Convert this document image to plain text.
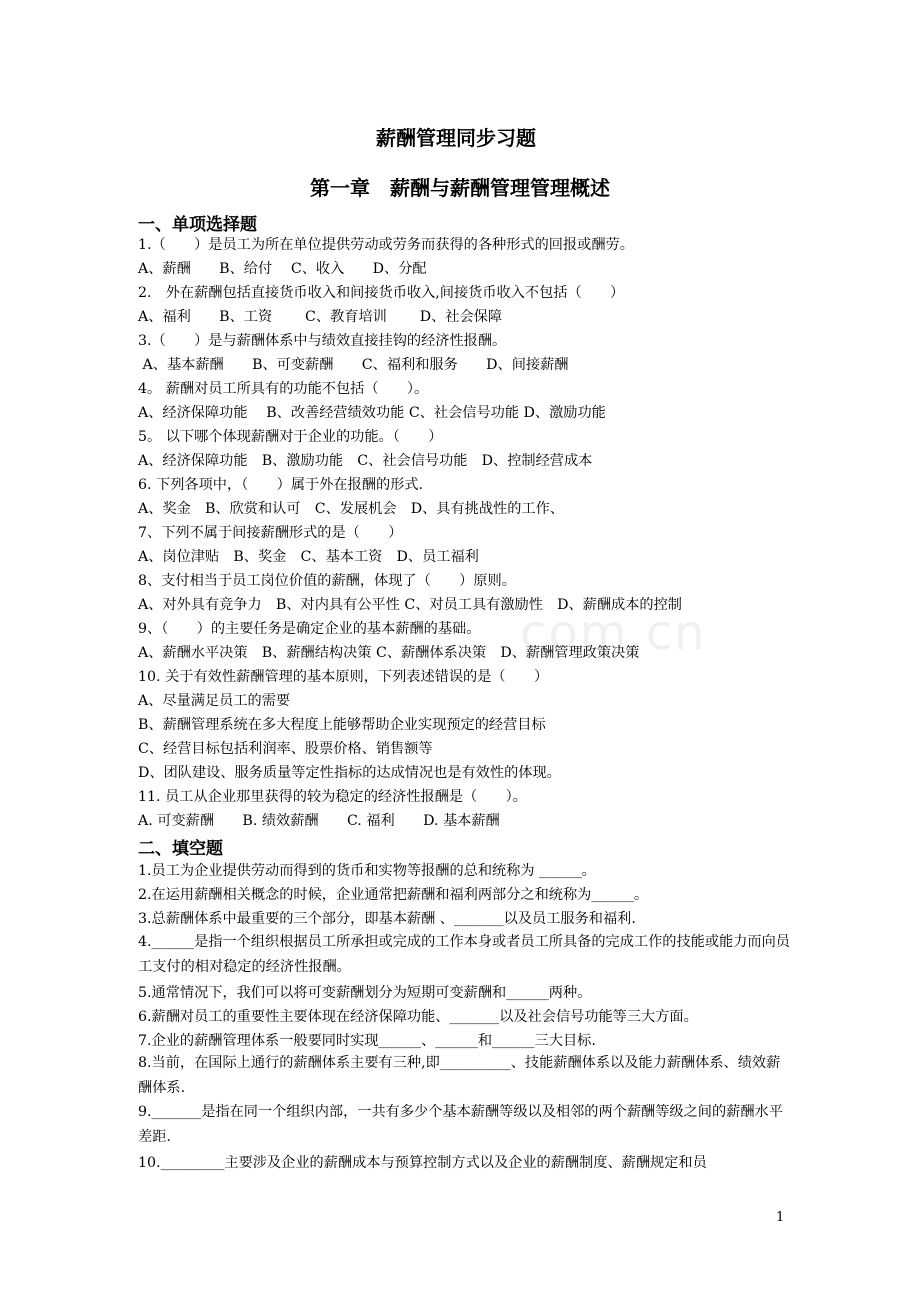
com.cn
薪酬管理同步习题
第一章　薪酬与薪酬管理管理概述
一、单项选择题
1.（　　）是员工为所在单位提供劳动或劳务而获得的各种形式的回报或酬劳。
A、薪酬　　B、给付　 C、收入　　D、分配
2.　外在薪酬包括直接货币收入和间接货币收入,间接货币收入不包括（　　）
A、福利　　B、工资　　 C、教育培训　　 D、社会保障
3.（　　）是与薪酬体系中与绩效直接挂钩的经济性报酬。
A、基本薪酬　　B、可变薪酬　　C、福利和服务　　D、间接薪酬
4。 薪酬对员工所具有的功能不包括（　　）。
A、经济保障功能　 B、改善经营绩效功能 C、社会信号功能 D、激励功能
5。 以下哪个体现薪酬对于企业的功能。（　　）
A、经济保障功能　B、激励功能　C、社会信号功能　D、控制经营成本
6. 下列各项中，（　　）属于外在报酬的形式.
A、奖金　B、欣赏和认可　C、发展机会　D、具有挑战性的工作、
7、下列不属于间接薪酬形式的是（　　）
A、岗位津贴　B、奖金　C、基本工资　D、员工福利
8、支付相当于员工岗位价值的薪酬，体现了（　　）原则。
A、对外具有竞争力　B、对内具有公平性 C、对员工具有激励性　D、薪酬成本的控制
9、（　　）的主要任务是确定企业的基本薪酬的基础。
A、薪酬水平决策　B、薪酬结构决策 C、薪酬体系决策　D、薪酬管理政策决策
10. 关于有效性薪酬管理的基本原则，下列表述错误的是（　　）
A、尽量满足员工的需要
B、薪酬管理系统在多大程度上能够帮助企业实现预定的经营目标
C、经营目标包括利润率、股票价格、销售额等
D、团队建设、服务质量等定性指标的达成情况也是有效性的体现。
11. 员工从企业那里获得的较为稳定的经济性报酬是（　　）。
A. 可变薪酬　　B. 绩效薪酬　　C. 福利　　D. 基本薪酬
二、填空题
1.员工为企业提供劳动而得到的货币和实物等报酬的总和统称为 ______。
2.在运用薪酬相关概念的时候，企业通常把薪酬和福利两部分之和统称为______。
3.总薪酬体系中最重要的三个部分，即基本薪酬 、_______以及员工服务和福利.
4.______是指一个组织根据员工所承担或完成的工作本身或者员工所具备的完成工作的技能或能力而向员工支付的相对稳定的经济性报酬。
5.通常情况下，我们可以将可变薪酬划分为短期可变薪酬和______两种。
6.薪酬对员工的重要性主要体现在经济保障功能、_______以及社会信号功能等三大方面。
7.企业的薪酬管理体系一般要同时实现______、______和______三大目标.
8.当前，在国际上通行的薪酬体系主要有三种,即__________、技能薪酬体系以及能力薪酬体系、绩效薪酬体系.
9._______是指在同一个组织内部，一共有多少个基本薪酬等级以及相邻的两个薪酬等级之间的薪酬水平差距.
10._________主要涉及企业的薪酬成本与预算控制方式以及企业的薪酬制度、薪酬规定和员
1
